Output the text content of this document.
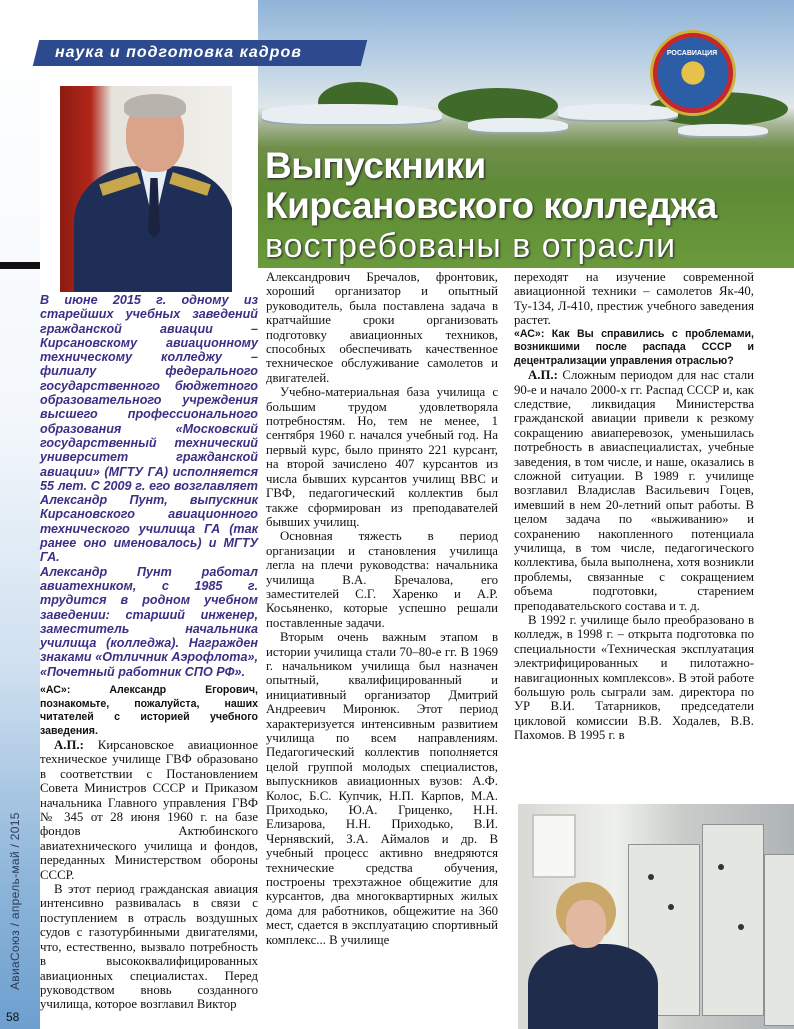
АвиаСоюз / апрель-май / 2015
РОСАВИАЦИЯ
Выпускники
Кирсановского колледжа
востребованы в отрасли
наука и подготовка кадров

В июне 2015 г. одному из старейших учебных заведений гражданской авиации – Кирсановскому авиационному техническому колледжу – филиалу федерального государственного бюджетного образовательного учреждения высшего профессионального образования «Московский государственный технический университет гражданской авиации» (МГТУ ГА) исполняется 55 лет. С 2009 г. его возглавляет Александр Пунт, выпускник Кирсановского авиационного технического училища ГА (так ранее оно именовалось) и МГТУ ГА.

Александр Пунт работал авиатехником, с 1985 г. трудится в родном учебном заведении: старший инженер, заместитель начальника училища (колледжа). Награжден знаками «Отличник Аэрофлота», «Почетный работник СПО РФ».

«АС»:	Александр Егорович, познакомьте, пожалуйста, наших читателей с историей учебного заведения.

А.П.: Кирсановское авиационное техническое училище ГВФ образовано в соответствии с Постановлением Совета Министров СССР и Приказом начальника Главного управления ГВФ № 345 от 28 июня 1960 г. на базе фондов Актюбинского авиатехнического училища и фондов, переданных Министерством обороны СССР.

В этот период гражданская авиация интенсивно развивалась в связи с поступлением в отрасль воздушных судов с газотурбинными двигателями, что, естественно, вызвало потребность в высококвалифицированных авиационных специалистах. Перед руководством вновь созданного училища, которое возглавил Виктор

Александрович Бречалов, фронтовик, хороший организатор и опытный руководитель, была поставлена задача в кратчайшие сроки организовать подготовку авиационных техников, способных обеспечивать качественное техническое обслуживание самолетов и двигателей.

Учебно-материальная база училища с большим трудом удовлетворяла потребностям. Но, тем не менее, 1 сентября 1960 г. начался учебный год. На первый курс, было принято 221 курсант, на второй зачислено 407 курсантов из числа бывших курсантов училищ ВВС и ГВФ, педагогический коллектив был также сформирован из преподавателей бывших училищ.

Основная тяжесть в период организации и становления училища легла на плечи руководства: начальника училища В.А. Бречалова, его заместителей С.Г. Харенко и А.Р. Косьяненко, которые успешно решали поставленные задачи.

Вторым очень важным этапом в истории училища стали 70–80-е гг. В 1969 г. начальником училища был назначен опытный, квалифицированный и инициативный организатор Дмитрий Андреевич Миронюк. Этот период характеризуется интенсивным развитием училища по всем направлениям. Педагогический коллектив пополняется целой группой молодых специалистов, выпускников авиационных вузов: А.Ф. Колос, Б.С. Купчик, Н.П. Карпов, М.А. Приходько, Ю.А. Гриценко, Н.Н. Елизарова, Н.Н. Приходько, В.И. Чернявский, З.А. Аймалов и др. В учебный процесс активно внедряются технические средства обучения, построены трехэтажное общежитие для курсантов, два многоквартирных жилых дома для работников, общежитие на 360 мест, сдается в эксплуатацию спортивный комплекс... В училище

переходят на изучение современной авиационной техники – самолетов Як-40, Ту-134, Л-410, престиж учебного заведения растет.

«АС»: Как Вы справились с проблемами, возникшими после распада СССР и децентрализации управления отраслью?

А.П.: Сложным периодом для нас стали 90-е и начало 2000-х гг. Распад СССР и, как следствие, ликвидация Министерства гражданской авиации привели к резкому сокращению авиаперевозок, уменьшилась потребность в авиаспециалистах, учебные заведения, в том числе, и наше, оказались в сложной ситуации. В 1989 г. училище возглавил Владислав Васильевич Гоцев, имевший в нем 20-летний опыт работы. В целом задача по «выживанию» и сохранению накопленного потенциала училища, в том числе, педагогического коллектива, была выполнена, хотя возникли проблемы, связанные с сокращением объема подготовки, старением преподавательского состава и т. д.

В 1992 г. училище было преобразовано в колледж, в 1998 г. – открыта подготовка по специальности «Техническая эксплуатация электрифицированных и пилотажно-навигационных комплексов». В этой работе большую роль сыграли зам. директора по УР В.И. Татарников, председатели цикловой комиссии В.В. Ходалев, В.В. Пахомов. В 1995 г. в

58
